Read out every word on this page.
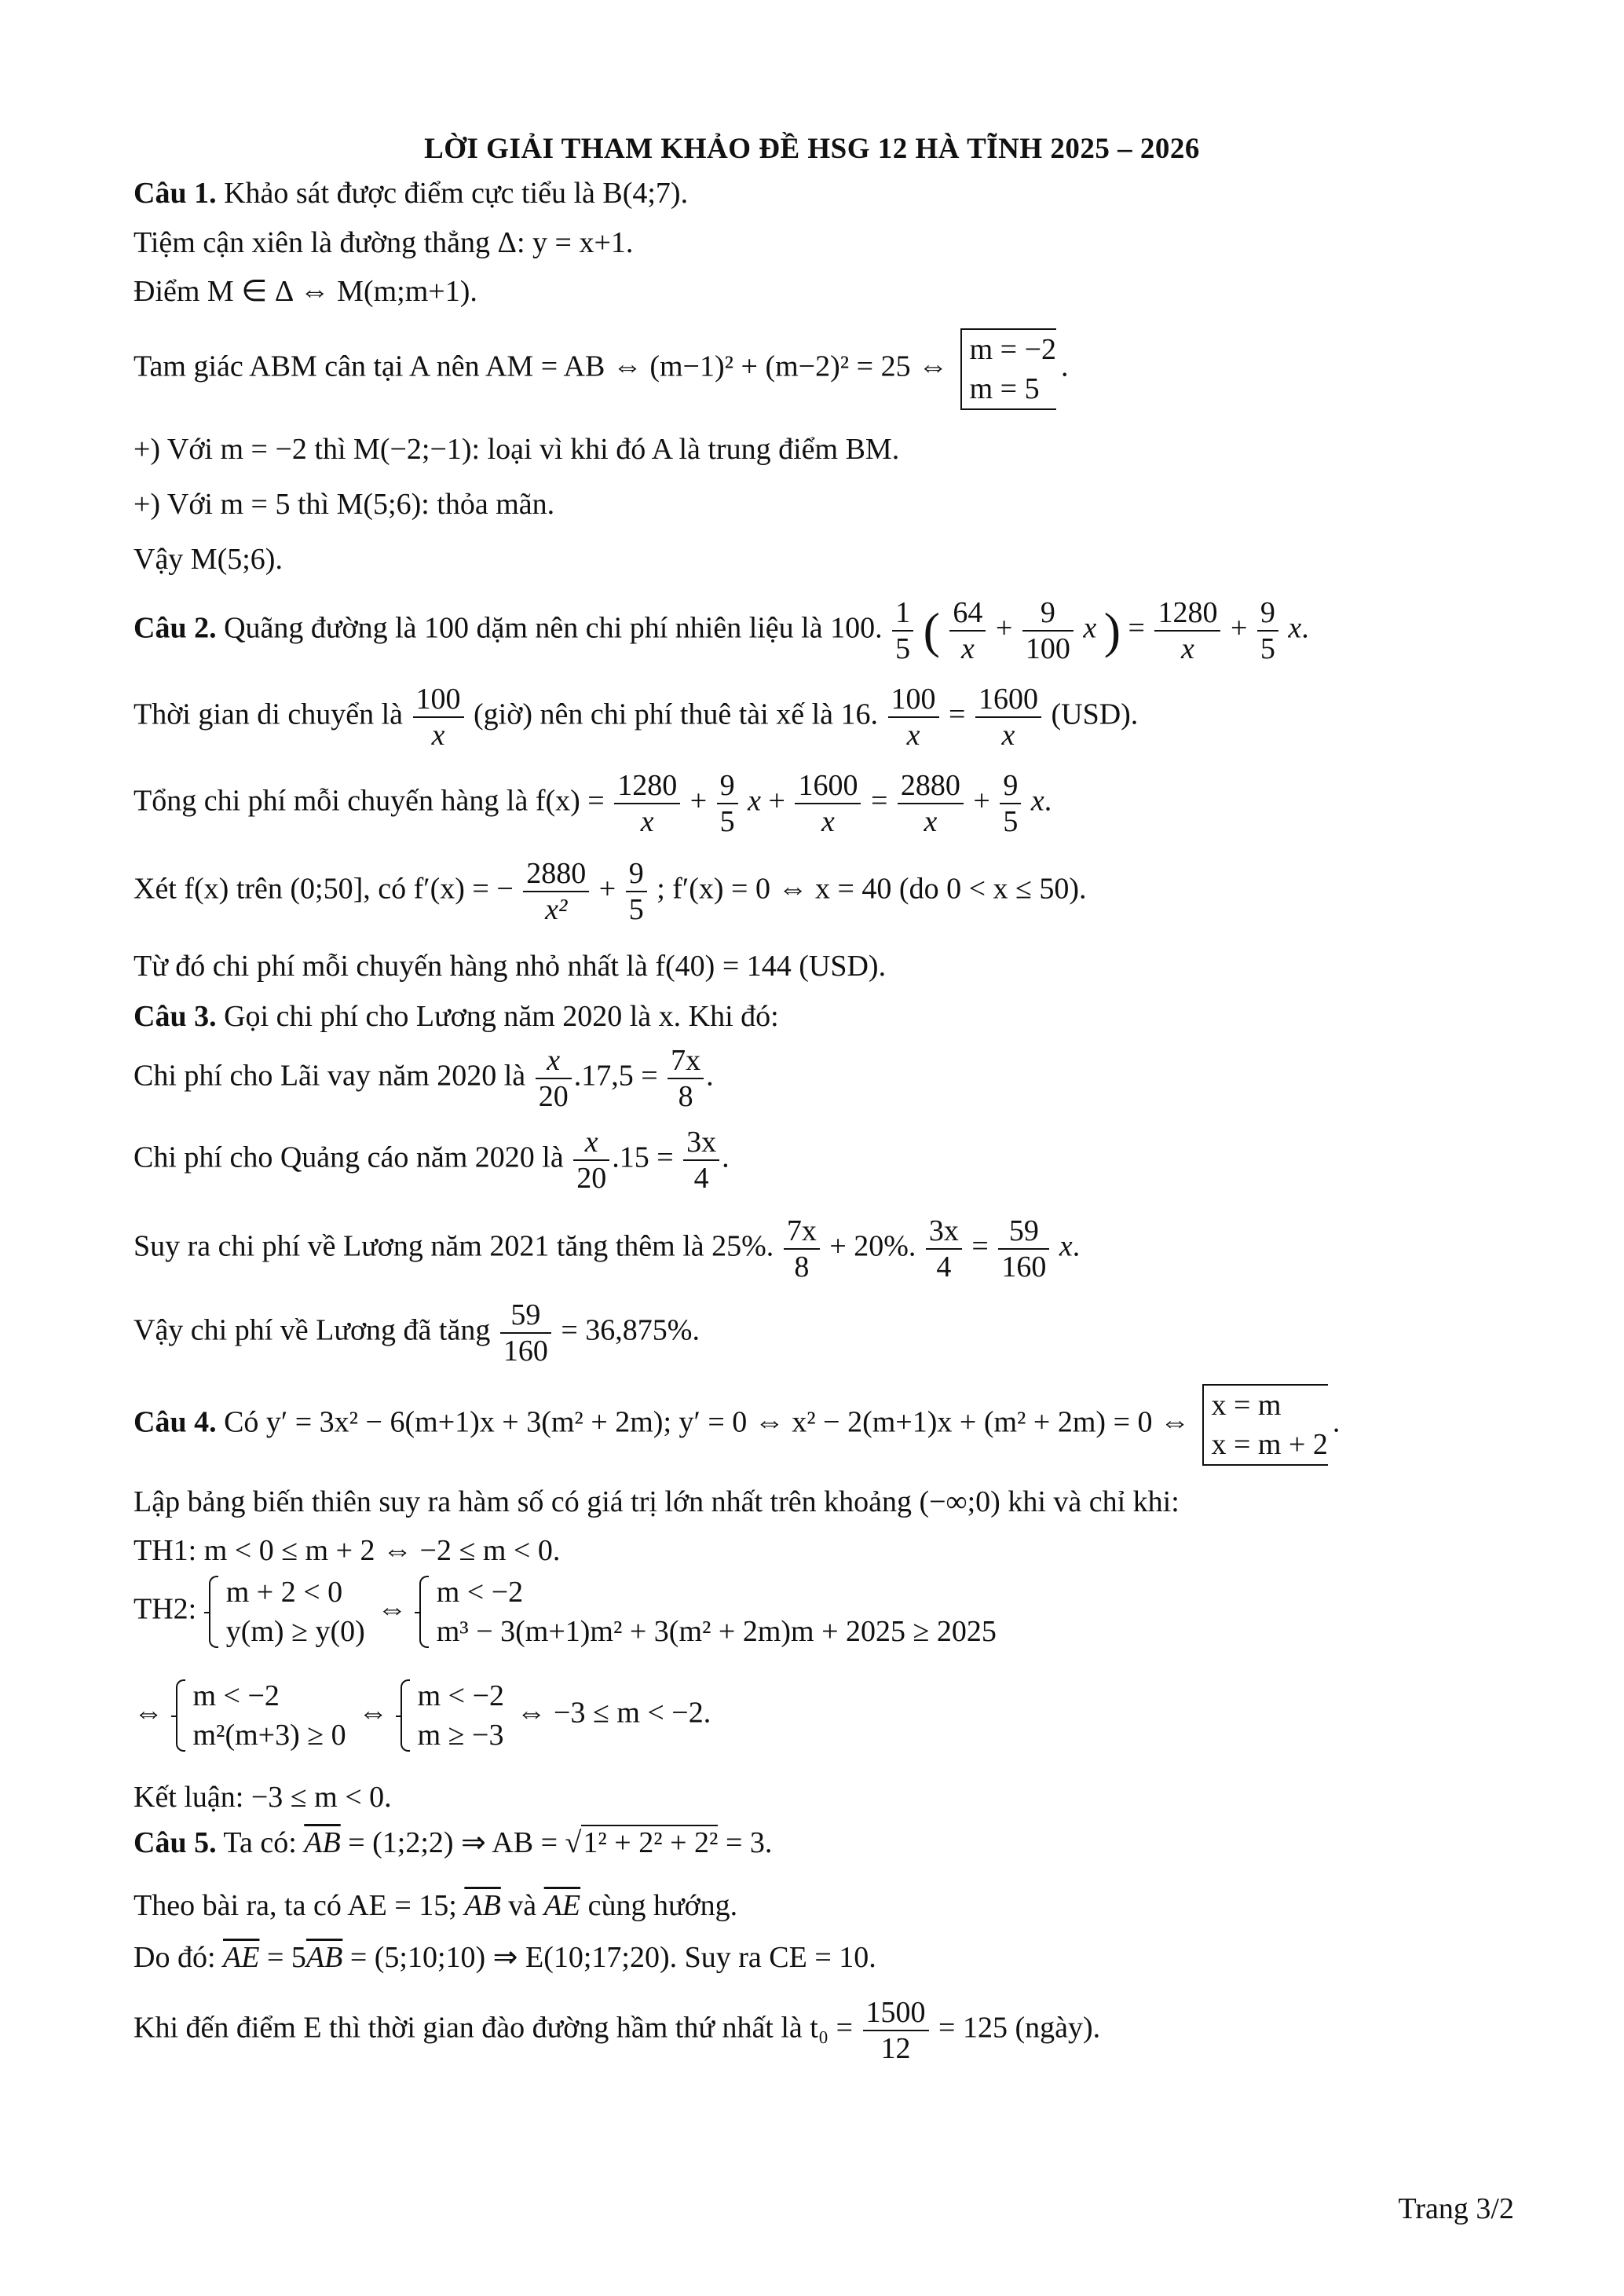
LỜI GIẢI THAM KHẢO ĐỀ HSG 12 HÀ TĨNH 2025 – 2026
Câu 1. Khảo sát được điểm cực tiểu là B(4;7).
Tiệm cận xiên là đường thẳng Δ: y = x+1.
Điểm M ∈ Δ ⇔ M(m;m+1).
Tam giác ABM cân tại A nên AM = AB ⇔ (m−1)² + (m−2)² = 25 ⇔
m = −2
m = 5
.
+) Với m = −2 thì M(−2;−1): loại vì khi đó A là trung điểm BM.
+) Với m = 5 thì M(5;6): thỏa mãn.
Vậy M(5;6).
Câu 2. Quãng đường là 100 dặm nên chi phí nhiên liệu là 100. $\frac{1}{5}$ ( $\frac{64}{x} + \frac{9}{100}$ x ) = $\frac{1280}{x} + \frac{9}{5} x$.
Thời gian di chuyển là $\frac{100}{x}$ (giờ) nên chi phí thuê tài xế là 16. $\frac{100}{x} = \frac{1600}{x} (USD)$.
Tổng chi phí mỗi chuyến hàng là $f(x) = \frac{1280}{x} + \frac{9}{5}$ $x + \frac{1600}{x} = \frac{2880}{x} + \frac{9}{5} x$.
Xét f(x) trên (0;50], có f′(x) = − $\frac{2880}{\text{x²}} + \frac{9}{5}$ ; f′(x) = 0 ⇔ x = 40 (do 0 < x ≤ 50).
Từ đó chi phí mỗi chuyến hàng nhỏ nhất là f(40) = 144 (USD).
Câu 3. Gọi chi phí cho Lương năm 2020 là x. Khi đó:
Chi phí cho Lãi vay năm 2020 là $\frac{x}{20} .17,5 = \frac{7x}{8}$ .
Chi phí cho Quảng cáo năm 2020 là $\frac{x}{20} .15 = \frac{3x}{4}$ .
Suy ra chi phí về Lương năm 2021 tăng thêm là 25%. $\frac{7x}{8} + 20\%$. $\frac{3x}{4} = \frac{59}{160} x$.
Vậy chi phí về Lương đã tăng $\frac{59}{160} = 36,875\%$.
Câu 4. Có y′ = 3x² − 6(m+1)x + 3(m² + 2m); y′ = 0 ⇔ x² − 2(m+1)x + (m² + 2m) = 0 ⇔
x = m
x = m + 2
.
Lập bảng biến thiên suy ra hàm số có giá trị lớn nhất trên khoảng (−∞;0) khi và chỉ khi:
TH1: m < 0 ≤ m + 2 ⇔ −2 ≤ m < 0.
TH2:
m + 2 < 0
y(m) ≥ y(0)
⇔
m < −2
m³ − 3(m+1)m² + 3(m² + 2m)m + 2025 ≥ 2025
⇔
m < −2
m²(m+3) ≥ 0
⇔
m < −2
m ≥ −3
⇔ −3 ≤ m < −2.
Kết luận: −3 ≤ m < 0.
Câu 5. Ta có: $\overline{AB}$ = (1;2;2) ⇒ AB = √1² + 2² + 2² = 3.
Theo bài ra, ta có AE = 15; $\overline{AB}$ và $\overline{AE}$ cùng hướng.
Do đó: $\overline{AE} = 5\overline{AB}$ = (5;10;10) ⇒ E(10;17;20). Suy ra CE = 10.
Khi đến điểm E thì thời gian đào đường hầm thứ nhất là $t_0 = \frac{1500}{12} = 125$ (ngày).
Trang 3/2
